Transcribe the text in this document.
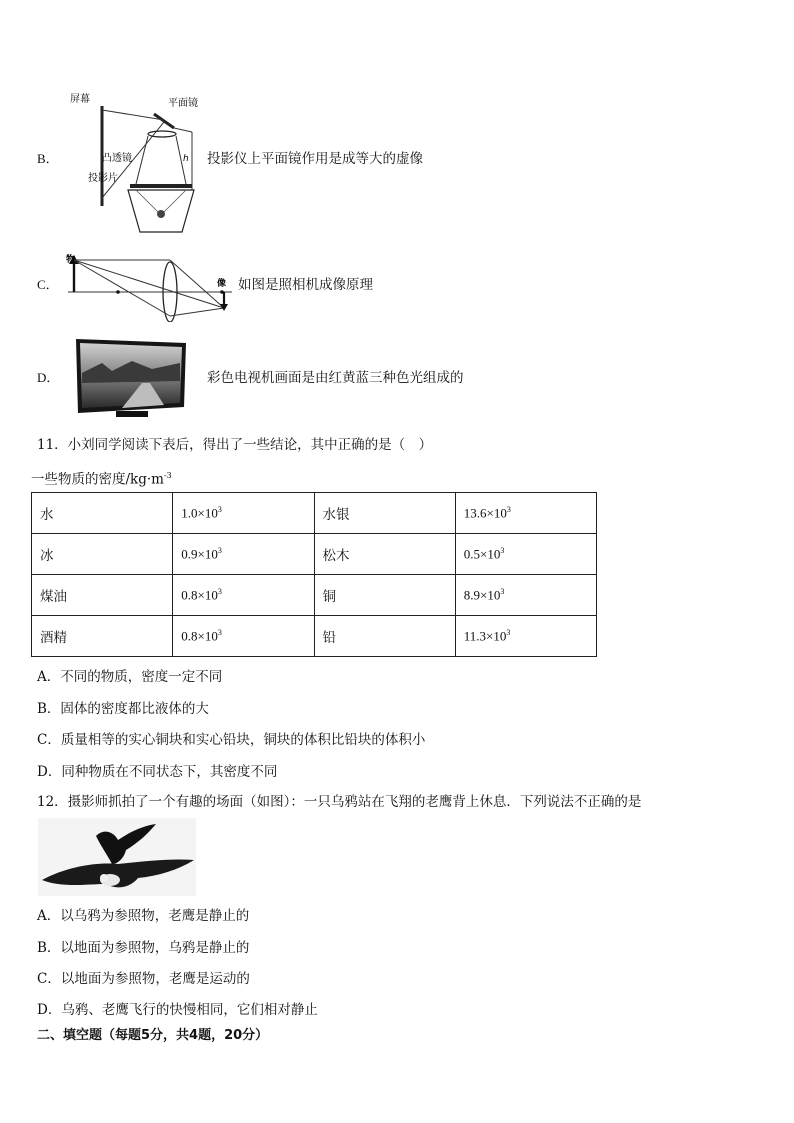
B．
屏幕	平面镜
h
凸透镜
投影片
投影仪上平面镜作用是成等大的虚像
C．
物
像 如图是照相机成像原理
D．	彩色电视机画面是由红黄蓝三种色光组成的
11．小刘同学阅读下表后，得出了一些结论，其中正确的是（　）
一些物质的密度$/kg\cdot m^{-3}$
水	$1.0\times 10^3$	水银	$13.6\times 10^3$
冰	$0.9\times 10^3$	松木	$0.5\times 10^3$
煤油	$0.8\times 10^3$	铜	$8.9\times 10^3$
酒精	$0.8\times 10^3$	铅	$11.3\times 10^3$
A．不同的物质，密度一定不同
B．固体的密度都比液体的大
C．质量相等的实心铜块和实心铅块，铜块的体积比铅块的体积小
D．同种物质在不同状态下，其密度不同
12．摄影师抓拍了一个有趣的场面（如图）：一只乌鸦站在飞翔的老鹰背上休息．下列说法不正确的是
A．以乌鸦为参照物，老鹰是静止的
B．以地面为参照物，乌鸦是静止的
C．以地面为参照物，老鹰是运动的
D．乌鸦、老鹰飞行的快慢相同，它们相对静止
二、填空题（每题5分，共4题，20分）
